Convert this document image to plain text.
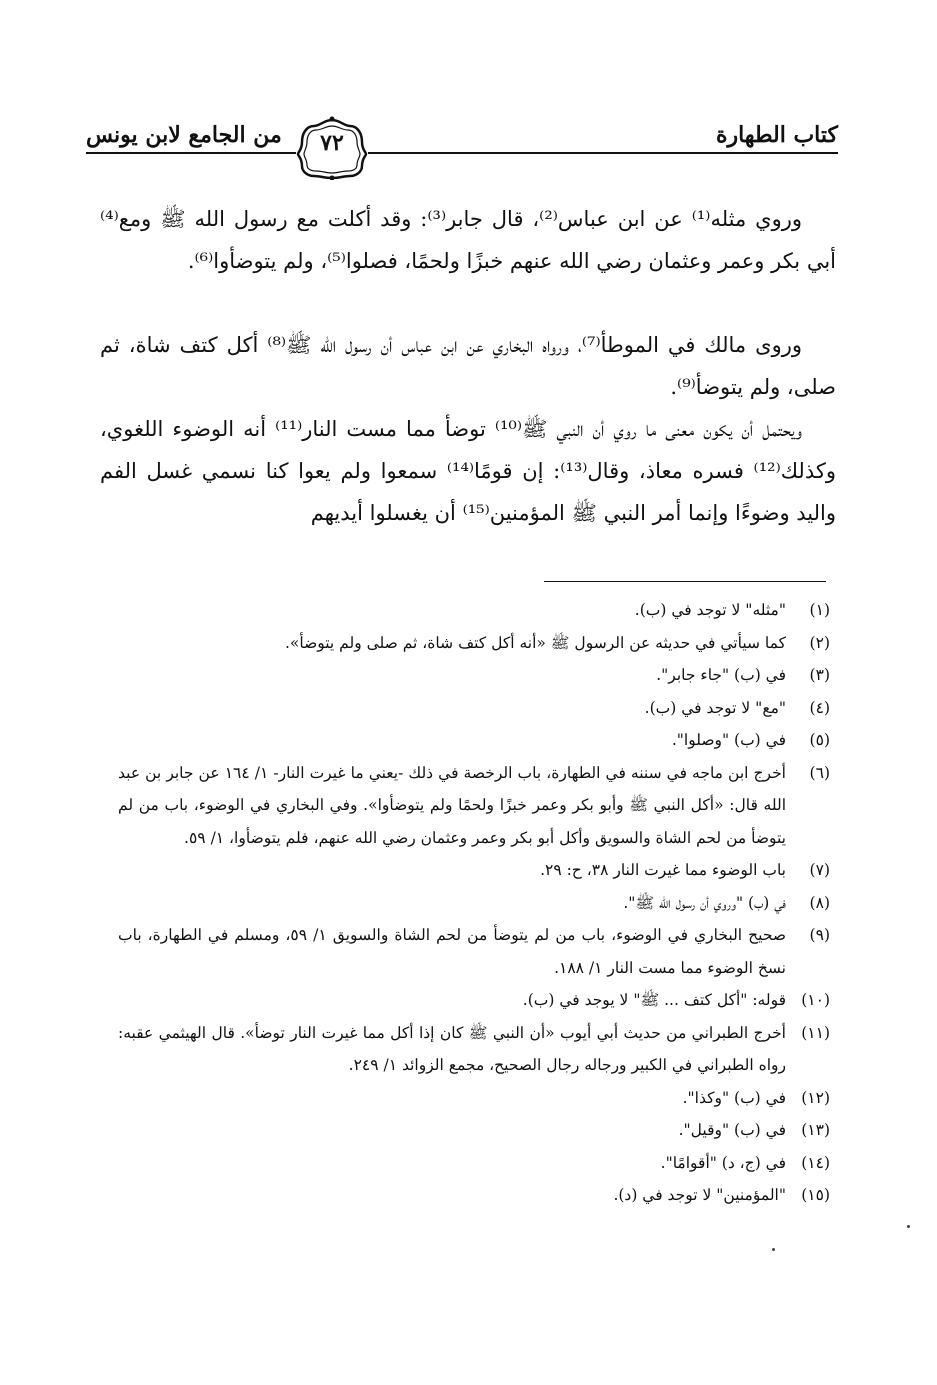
كتاب الطهارة
من الجامع لابن يونس	٧٢

وروي مثله⁽¹⁾ عن ابن عباس⁽²⁾، قال جابر⁽³⁾: وقد أكلت مع رسول الله ﷺ ومع⁽⁴⁾ أبي بكر وعمر وعثمان رضي الله عنهم خبزًا ولحمًا، فصلوا⁽⁵⁾، ولم يتوضأوا⁽⁶⁾.

وروى مالك في الموطأ⁽⁷⁾، ورواه البخاري عن ابن عباس أن رسول الله ﷺ⁽⁸⁾ أكل كتف شاة، ثم صلى، ولم يتوضأ⁽⁹⁾.

ويحتمل أن يكون معنى ما روي أن النبي ﷺ⁽¹⁰⁾ توضأ مما مست النار⁽¹¹⁾ أنه الوضوء اللغوي، وكذلك⁽¹²⁾ فسره معاذ، وقال⁽¹³⁾: إن قومًا⁽¹⁴⁾ سمعوا ولم يعوا كنا نسمي غسل الفم واليد وضوءًا وإنما أمر النبي ﷺ المؤمنين⁽¹⁵⁾ أن يغسلوا أيديهم

(١)
"مثله" لا توجد في (ب).
(٢)
كما سيأتي في حديثه عن الرسول ﷺ «أنه أكل كتف شاة، ثم صلى ولم يتوضأ».
(٣)
في (ب) "جاء جابر".
(٤)
"مع" لا توجد في (ب).
(٥)
في (ب) "وصلوا".
(٦)
أخرج ابن ماجه في سننه في الطهارة، باب الرخصة في ذلك -يعني ما غيرت النار- ١/ ١٦٤ عن جابر بن عبد الله قال: «أكل النبي ﷺ وأبو بكر وعمر خبزًا ولحمًا ولم يتوضأوا». وفي البخاري في الوضوء، باب من لم يتوضأ من لحم الشاة والسويق وأكل أبو بكر وعمر وعثمان رضي الله عنهم، فلم يتوضأوا، ١/ ٥٩.
(٧)
باب الوضوء مما غيرت النار ٣٨، ح: ٢٩.
(٨)
في (ب) "وروي أن رسول الله ﷺ".
(٩)
صحيح البخاري في الوضوء، باب من لم يتوضأ من لحم الشاة والسويق ١/ ٥٩، ومسلم في الطهارة، باب نسخ الوضوء مما مست النار ١/ ١٨٨.
(١٠)
قوله: "أكل كتف ... ﷺ" لا يوجد في (ب).
(١١)
أخرج الطبراني من حديث أبي أيوب «أن النبي ﷺ كان إذا أكل مما غيرت النار توضأ». قال الهيثمي عقبه: رواه الطبراني في الكبير ورجاله رجال الصحيح، مجمع الزوائد ١/ ٢٤٩.
(١٢)
في (ب) "وكذا".
(١٣)
في (ب) "وقيل".
(١٤)
في (ج، د) "أقوامًا".
(١٥)
"المؤمنين" لا توجد في (د).
